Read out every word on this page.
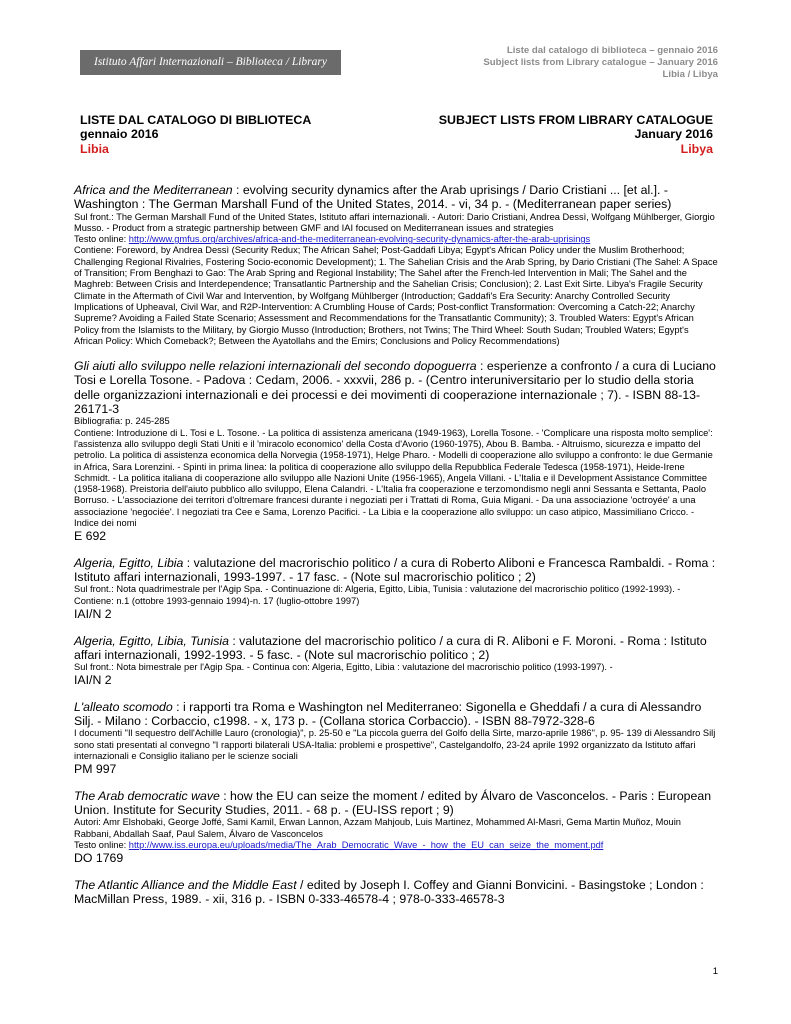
Istituto Affari Internazionali – Biblioteca / Library
Liste dal catalogo di biblioteca – gennaio 2016
Subject lists from Library catalogue – January 2016
Libia / Libya
LISTE DAL CATALOGO DI BIBLIOTECA
gennaio 2016
Libia
SUBJECT LISTS FROM LIBRARY CATALOGUE
January 2016
Libya
Africa and the Mediterranean : evolving security dynamics after the Arab uprisings / Dario Cristiani ... [et al.]. - Washington : The German Marshall Fund of the United States, 2014. - vi, 34 p. - (Mediterranean paper series)
Sul front.: The German Marshall Fund of the United States, Istituto affari internazionali. - Autori: Dario Cristiani, Andrea Dessì, Wolfgang Mühlberger, Giorgio Musso. - Product from a strategic partnership between GMF and IAI focused on Mediterranean issues and strategies
Testo online: http://www.gmfus.org/archives/africa-and-the-mediterranean-evolving-security-dynamics-after-the-arab-uprisings
Contiene: Foreword, by Andrea Dessì (Security Redux; The African Sahel; Post-Gaddafi Libya; Egypt's African Policy under the Muslim Brotherhood; Challenging Regional Rivalries, Fostering Socio-economic Development); 1. The Sahelian Crisis and the Arab Spring, by Dario Cristiani (The Sahel: A Space of Transition; From Benghazi to Gao: The Arab Spring and Regional Instability; The Sahel after the French-led Intervention in Mali; The Sahel and the Maghreb: Between Crisis and Interdependence; Transatlantic Partnership and the Sahelian Crisis; Conclusion); 2. Last Exit Sirte. Libya's Fragile Security Climate in the Aftermath of Civil War and Intervention, by Wolfgang Mühlberger (Introduction; Gaddafi's Era Security: Anarchy Controlled Security Implications of Upheaval, Civil War, and R2P-Intervention: A Crumbling House of Cards; Post-conflict Transformation: Overcoming a Catch-22; Anarchy Supreme? Avoiding a Failed State Scenario; Assessment and Recommendations for the Transatlantic Community); 3. Troubled Waters: Egypt's African Policy from the Islamists to the Military, by Giorgio Musso (Introduction; Brothers, not Twins; The Third Wheel: South Sudan; Troubled Waters; Egypt's African Policy: Which Comeback?; Between the Ayatollahs and the Emirs; Conclusions and Policy Recommendations)
Gli aiuti allo sviluppo nelle relazioni internazionali del secondo dopoguerra : esperienze a confronto / a cura di Luciano Tosi e Lorella Tosone. - Padova : Cedam, 2006. - xxxvii, 286 p. - (Centro interuniversitario per lo studio della storia delle organizzazioni internazionali e dei processi e dei movimenti di cooperazione internazionale ; 7). - ISBN 88-13-26171-3
Bibliografia: p. 245-285
Contiene: Introduzione di L. Tosi e L. Tosone. - La politica di assistenza americana (1949-1963), Lorella Tosone. - 'Complicare una risposta molto semplice': l'assistenza allo sviluppo degli Stati Uniti e il 'miracolo economico' della Costa d'Avorio (1960-1975), Abou B. Bamba. - Altruismo, sicurezza e impatto del petrolio. La politica di assistenza economica della Norvegia (1958-1971), Helge Pharo. - Modelli di cooperazione allo sviluppo a confronto: le due Germanie in Africa, Sara Lorenzini. - Spinti in prima linea: la politica di cooperazione allo sviluppo della Repubblica Federale Tedesca (1958-1971), Heide-Irene Schmidt. - La politica italiana di cooperazione allo sviluppo alle Nazioni Unite (1956-1965), Angela Villani. - L'Italia e il Development Assistance Committee (1958-1968). Preistoria dell'aiuto pubblico allo sviluppo, Elena Calandri. - L'Italia fra cooperazione e terzomondismo negli anni Sessanta e Settanta, Paolo Borruso. - L'associazione dei territori d'oltremare francesi durante i negoziati per i Trattati di Roma, Guia Migani. - Da una associazione 'octroyée' a una associazione 'negociée'. I negoziati tra Cee e Sama, Lorenzo Pacifici. - La Libia e la cooperazione allo sviluppo: un caso atipico, Massimiliano Cricco. - Indice dei nomi
E 692
Algeria, Egitto, Libia : valutazione del macrorischio politico / a cura di Roberto Aliboni e Francesca Rambaldi. - Roma : Istituto affari internazionali, 1993-1997. - 17 fasc. - (Note sul macrorischio politico ; 2)
Sul front.: Nota quadrimestrale per l'Agip Spa. - Continuazione di: Algeria, Egitto, Libia, Tunisia : valutazione del macrorischio politico (1992-1993). - Contiene: n.1 (ottobre 1993-gennaio 1994)-n. 17 (luglio-ottobre 1997)
IAI/N 2
Algeria, Egitto, Libia, Tunisia : valutazione del macrorischio politico / a cura di R. Aliboni e F. Moroni. - Roma : Istituto affari internazionali, 1992-1993. - 5 fasc. - (Note sul macrorischio politico ; 2)
Sul front.: Nota bimestrale per l'Agip Spa. - Continua con: Algeria, Egitto, Libia : valutazione del macrorischio politico (1993-1997). -
IAI/N 2
L'alleato scomodo : i rapporti tra Roma e Washington nel Mediterraneo: Sigonella e Gheddafi / a cura di Alessandro Silj. - Milano : Corbaccio, c1998. - x, 173 p. - (Collana storica Corbaccio). - ISBN 88-7972-328-6
I documenti "Il sequestro dell'Achille Lauro (cronologia)", p. 25-50 e "La piccola guerra del Golfo della Sirte, marzo-aprile 1986", p. 95- 139 di Alessandro Silj sono stati presentati al convegno "I rapporti bilaterali USA-Italia: problemi e prospettive", Castelgandolfo, 23-24 aprile 1992 organizzato da Istituto affari internazionali e Consiglio italiano per le scienze sociali
PM 997
The Arab democratic wave : how the EU can seize the moment / edited by Álvaro de Vasconcelos. - Paris : European Union. Institute for Security Studies, 2011. - 68 p. - (EU-ISS report ; 9)
Autori: Amr Elshobaki, George Joffé, Sami Kamil, Erwan Lannon, Azzam Mahjoub, Luis Martinez, Mohammed Al-Masri, Gema Martin Muñoz, Mouin Rabbani, Abdallah Saaf, Paul Salem, Álvaro de Vasconcelos
Testo online: http://www.iss.europa.eu/uploads/media/The_Arab_Democratic_Wave_-_how_the_EU_can_seize_the_moment.pdf
DO 1769
The Atlantic Alliance and the Middle East / edited by Joseph I. Coffey and Gianni Bonvicini. - Basingstoke ; London : MacMillan Press, 1989. - xii, 316 p. - ISBN 0-333-46578-4 ; 978-0-333-46578-3
1
